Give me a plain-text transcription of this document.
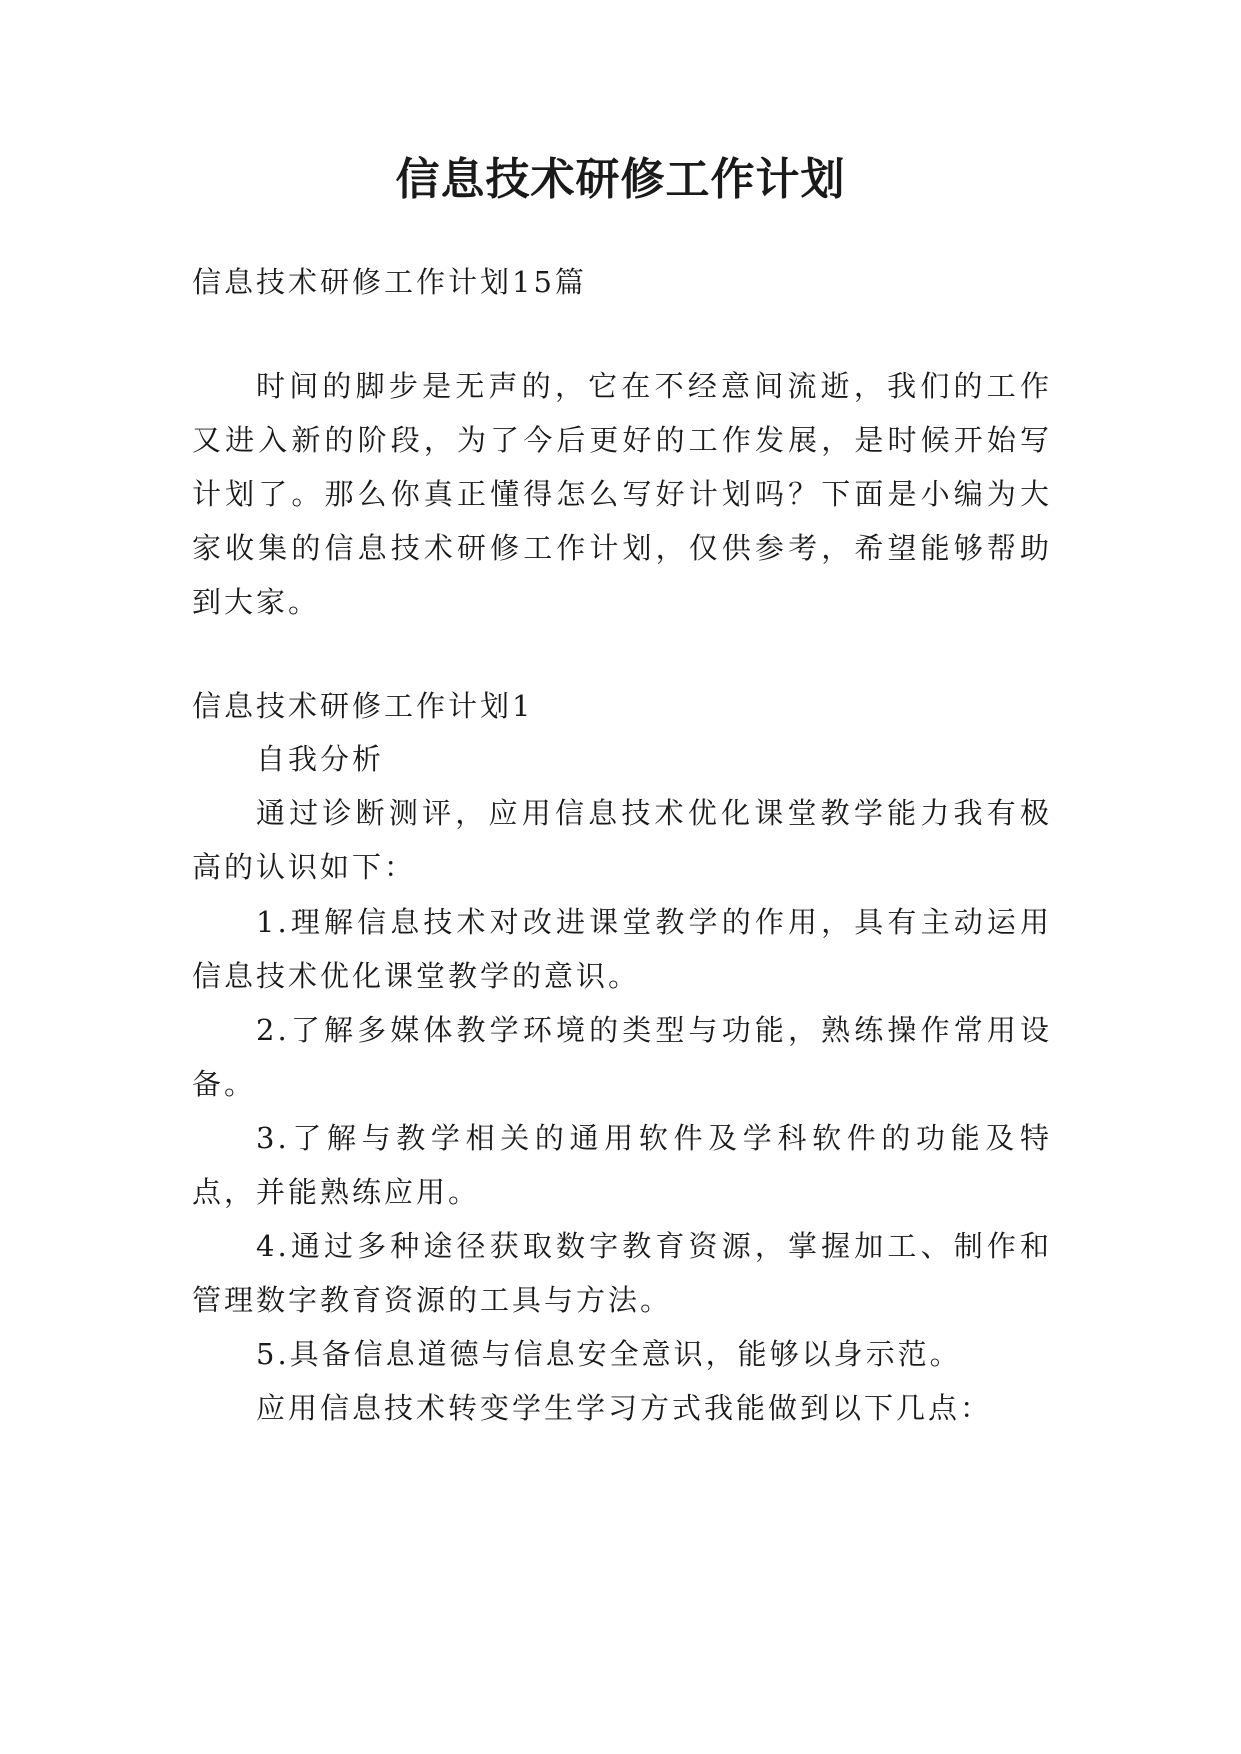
信息技术研修工作计划

信息技术研修工作计划15篇

时间的脚步是无声的，它在不经意间流逝，我们的工作

又进入新的阶段，为了今后更好的工作发展，是时候开始写

计划了。那么你真正懂得怎么写好计划吗？下面是小编为大

家收集的信息技术研修工作计划，仅供参考，希望能够帮助

到大家。

信息技术研修工作计划1

自我分析

通过诊断测评，应用信息技术优化课堂教学能力我有极

高的认识如下：

1.理解信息技术对改进课堂教学的作用，具有主动运用

信息技术优化课堂教学的意识。

2.了解多媒体教学环境的类型与功能，熟练操作常用设

备。

3.了解与教学相关的通用软件及学科软件的功能及特

点，并能熟练应用。

4.通过多种途径获取数字教育资源，掌握加工、制作和

管理数字教育资源的工具与方法。

5.具备信息道德与信息安全意识，能够以身示范。

应用信息技术转变学生学习方式我能做到以下几点：
